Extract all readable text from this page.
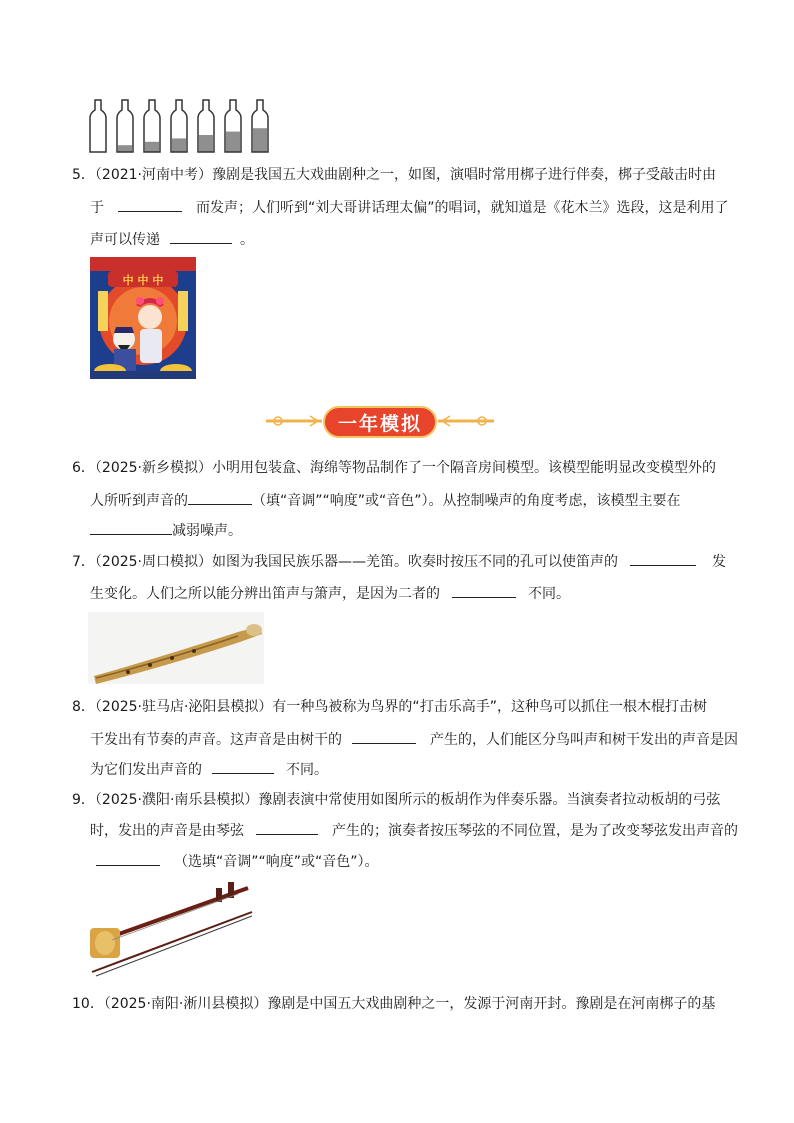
5．（2021·河南中考）豫剧是我国五大戏曲剧种之一，如图，演唱时常用梆子进行伴奏，梆子受敲击时由
于	而发声；人们听到“刘大哥讲话理太偏”的唱词，就知道是《花木兰》选段，这是利用了
声可以传递	。
中 中 中
一年模拟
6．（2025·新乡模拟）小明用包装盒、海绵等物品制作了一个隔音房间模型。该模型能明显改变模型外的
人所听到声音的	（填“音调”“响度”或“音色”）。从控制噪声的角度考虑，该模型主要在
减弱噪声。
7．（2025·周口模拟）如图为我国民族乐器——羌笛。吹奏时按压不同的孔可以使笛声的	发
生变化。人们之所以能分辨出笛声与箫声，是因为二者的	不同。
8．（2025·驻马店·泌阳县模拟）有一种鸟被称为鸟界的“打击乐高手”，这种鸟可以抓住一根木棍打击树
干发出有节奏的声音。这声音是由树干的	产生的，人们能区分鸟叫声和树干发出的声音是因
为它们发出声音的	不同。
9．（2025·濮阳·南乐县模拟）豫剧表演中常使用如图所示的板胡作为伴奏乐器。当演奏者拉动板胡的弓弦
时，发出的声音是由琴弦	产生的；演奏者按压琴弦的不同位置，是为了改变琴弦发出声音的
（选填“音调”“响度”或“音色”）。
10．（2025·南阳·淅川县模拟）豫剧是中国五大戏曲剧种之一，发源于河南开封。豫剧是在河南梆子的基
